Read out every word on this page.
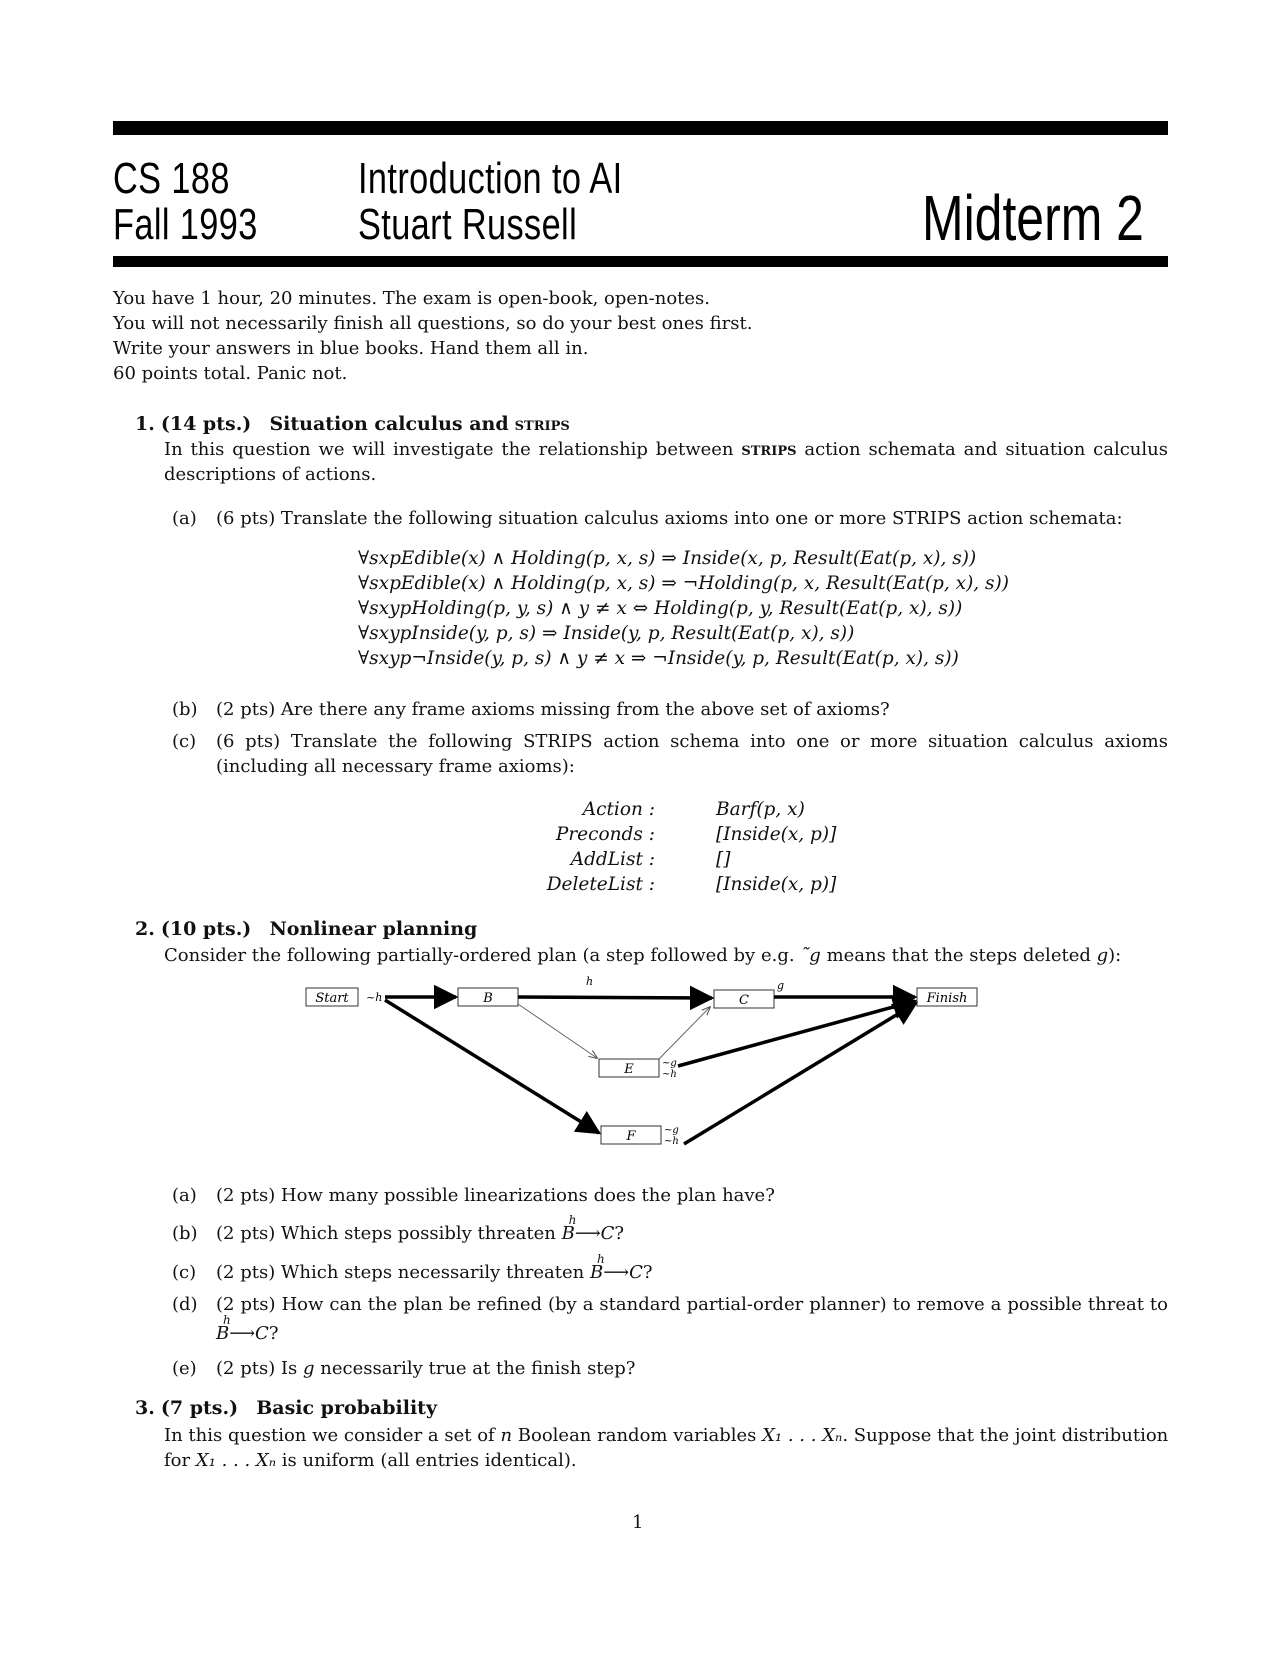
CS 188
Fall 1993
Introduction to AI
Stuart Russell	Midterm 2
You have 1 hour, 20 minutes. The exam is open-book, open-notes.
You will not necessarily finish all questions, so do your best ones first.
Write your answers in blue books. Hand them all in.
60 points total. Panic not.
1. (14 pts.) Situation calculus and strips
In this question we will investigate the relationship between strips action schemata and situation calculus descriptions of actions.
(a) (6 pts) Translate the following situation calculus axioms into one or more STRIPS action schemata:
∀sxpEdible(x) ∧ Holding(p, x, s) ⇒ Inside(x, p, Result(Eat(p, x), s))
∀sxpEdible(x) ∧ Holding(p, x, s) ⇒ ¬Holding(p, x, Result(Eat(p, x), s))
∀sxypHolding(p, y, s) ∧ y ≠ x ⇔ Holding(p, y, Result(Eat(p, x), s))
∀sxypInside(y, p, s) ⇒ Inside(y, p, Result(Eat(p, x), s))
∀sxyp¬Inside(y, p, s) ∧ y ≠ x ⇒ ¬Inside(y, p, Result(Eat(p, x), s))
(b) (2 pts) Are there any frame axioms missing from the above set of axioms?
(c) (6 pts) Translate the following STRIPS action schema into one or more situation calculus axioms (including all necessary frame axioms):
Action :	Barf(p, x)
Preconds :	[Inside(x, p)]
AddList :	[]
DeleteList :	[Inside(x, p)]
2. (10 pts.) Nonlinear planning
Consider the following partially-ordered plan (a step followed by e.g. ˜g means that the steps deleted g):
Start ~h	B	C	Finish
E	~g
~h
F	~g
~h
h	g
(a) (2 pts) How many possible linearizations does the plan have?
(b) (2 pts) Which steps possibly threaten B
h
⟶C?
(c) (2 pts) Which steps necessarily threaten B
h
⟶C?
(d) (2 pts) How can the plan be refined (by a standard partial-order planner) to remove a possible threat to B
h
⟶C?
(e) (2 pts) Is g necessarily true at the finish step?
3. (7 pts.) Basic probability
In this question we consider a set of n Boolean random variables X₁ . . . Xₙ. Suppose that the joint distribution
for X₁ . . . Xₙ is uniform (all entries identical).
1
